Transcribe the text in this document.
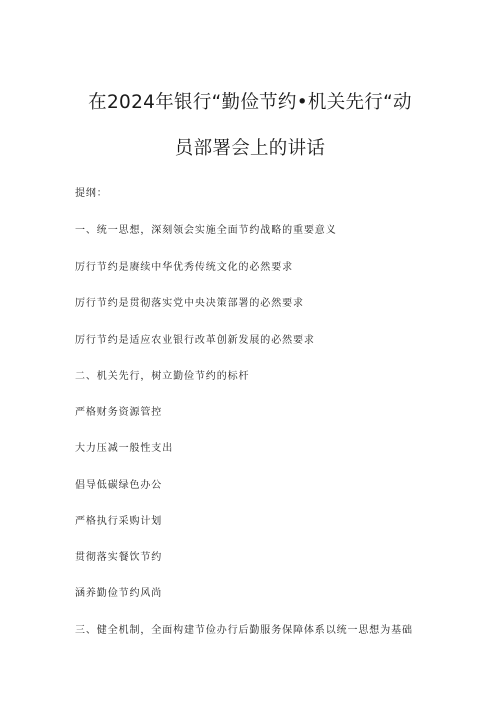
在2024年银行“勤俭节约•机关先行“动
员部署会上的讲话
提纲：
一、统一思想，深刻领会实施全面节约战略的重要意义
厉行节约是赓续中华优秀传统文化的必然要求
厉行节约是贯彻落实党中央决策部署的必然要求
厉行节约是适应农业银行改革创新发展的必然要求
二、机关先行，树立勤俭节约的标杆
严格财务资源管控
大力压减一般性支出
倡导低碳绿色办公
严格执行采购计划
贯彻落实餐饮节约
涵养勤俭节约风尚
三、健全机制，全面构建节俭办行后勤服务保障体系以统一思想为基础
